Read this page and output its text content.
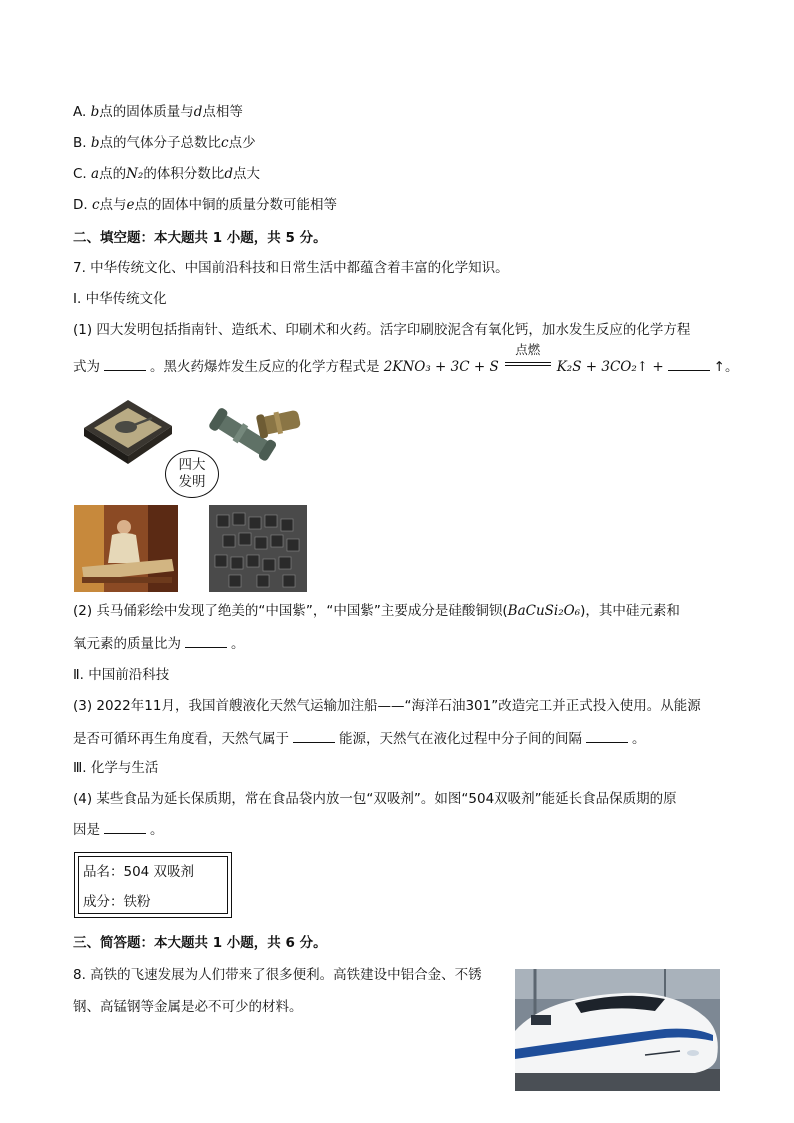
A. b点的固体质量与d点相等
B. b点的气体分子总数比c点少
C. a点的N₂的体积分数比d点大
D. c点与e点的固体中铜的质量分数可能相等
二、填空题：本大题共 1 小题，共 5 分。
7. 中华传统文化、中国前沿科技和日常生活中都蕴含着丰富的化学知识。
Ⅰ. 中华传统文化
(1) 四大发明包括指南针、造纸术、印刷术和火药。活字印刷胶泥含有氧化钙，加水发生反应的化学方程
式为	。黑火药爆炸发生反应的化学方程式是 2KNO₃ + 3C + S
点燃
K₂S + 3CO₂↑ +	↑。
四大
发明
(2) 兵马俑彩绘中发现了绝美的“中国紫”，“中国紫”主要成分是硅酸铜钡(BaCuSi₂O₆)，其中硅元素和
氧元素的质量比为	。
Ⅱ. 中国前沿科技
(3) 2022年11月，我国首艘液化天然气运输加注船——“海洋石油301”改造完工并正式投入使用。从能源
是否可循环再生角度看，天然气属于	能源，天然气在液化过程中分子间的间隔	。
Ⅲ. 化学与生活
(4) 某些食品为延长保质期，常在食品袋内放一包“双吸剂”。如图“504双吸剂”能延长食品保质期的原
因是	。
品名：504 双吸剂
成分：铁粉
三、简答题：本大题共 1 小题，共 6 分。
8. 高铁的飞速发展为人们带来了很多便利。高铁建设中铝合金、不锈
钢、高锰钢等金属是必不可少的材料。
